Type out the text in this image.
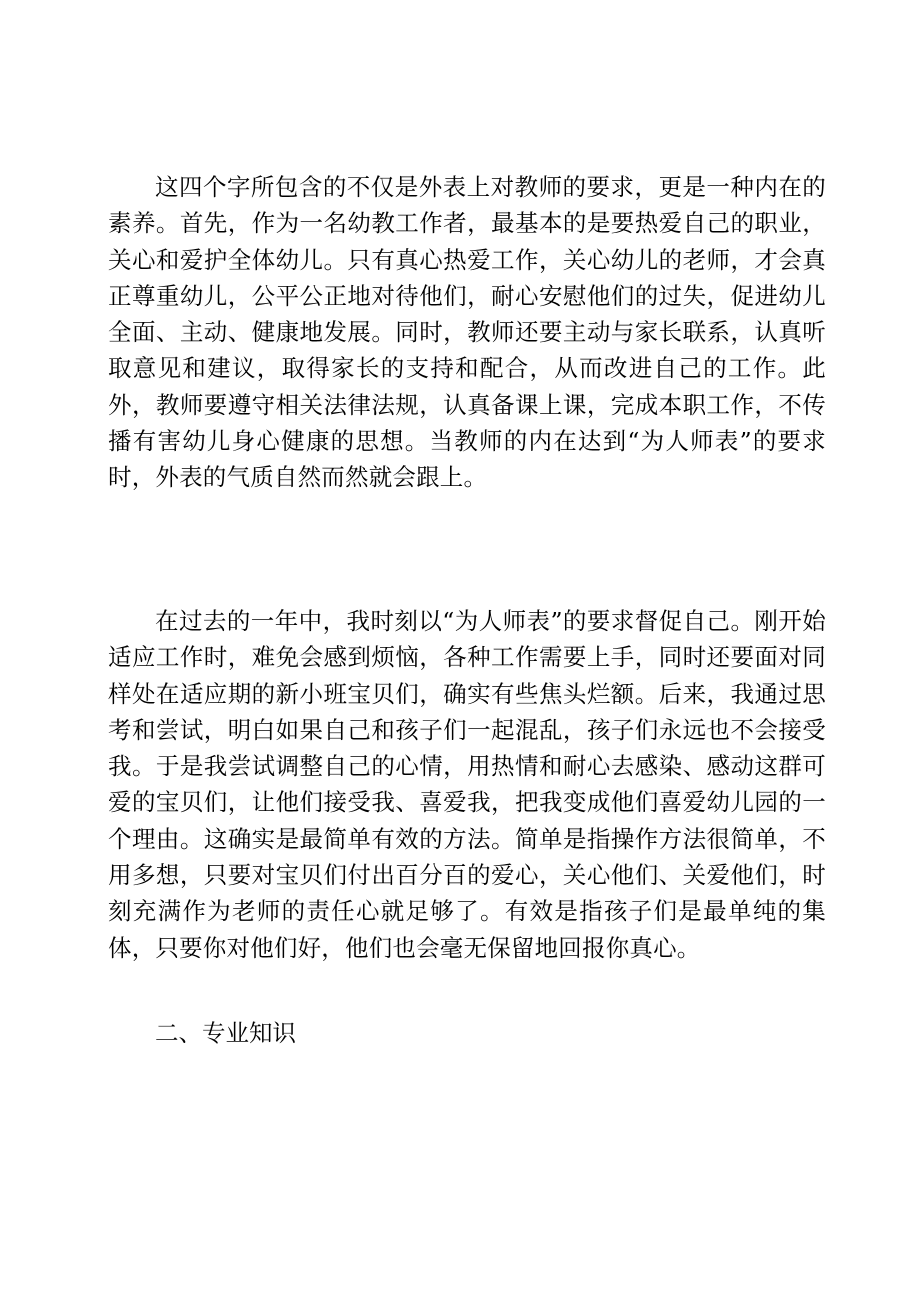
这四个字所包含的不仅是外表上对教师的要求，更是一种内在的素养。首先，作为一名幼教工作者，最基本的是要热爱自己的职业，关心和爱护全体幼儿。只有真心热爱工作，关心幼儿的老师，才会真正尊重幼儿，公平公正地对待他们，耐心安慰他们的过失，促进幼儿全面、主动、健康地发展。同时，教师还要主动与家长联系，认真听取意见和建议，取得家长的支持和配合，从而改进自己的工作。此外，教师要遵守相关法律法规，认真备课上课，完成本职工作，不传播有害幼儿身心健康的思想。当教师的内在达到“为人师表”的要求时，外表的气质自然而然就会跟上。

在过去的一年中，我时刻以“为人师表”的要求督促自己。刚开始适应工作时，难免会感到烦恼，各种工作需要上手，同时还要面对同样处在适应期的新小班宝贝们，确实有些焦头烂额。后来，我通过思考和尝试，明白如果自己和孩子们一起混乱，孩子们永远也不会接受我。于是我尝试调整自己的心情，用热情和耐心去感染、感动这群可爱的宝贝们，让他们接受我、喜爱我，把我变成他们喜爱幼儿园的一个理由。这确实是最简单有效的方法。简单是指操作方法很简单，不用多想，只要对宝贝们付出百分百的爱心，关心他们、关爱他们，时刻充满作为老师的责任心就足够了。有效是指孩子们是最单纯的集体，只要你对他们好，他们也会毫无保留地回报你真心。

二、专业知识
